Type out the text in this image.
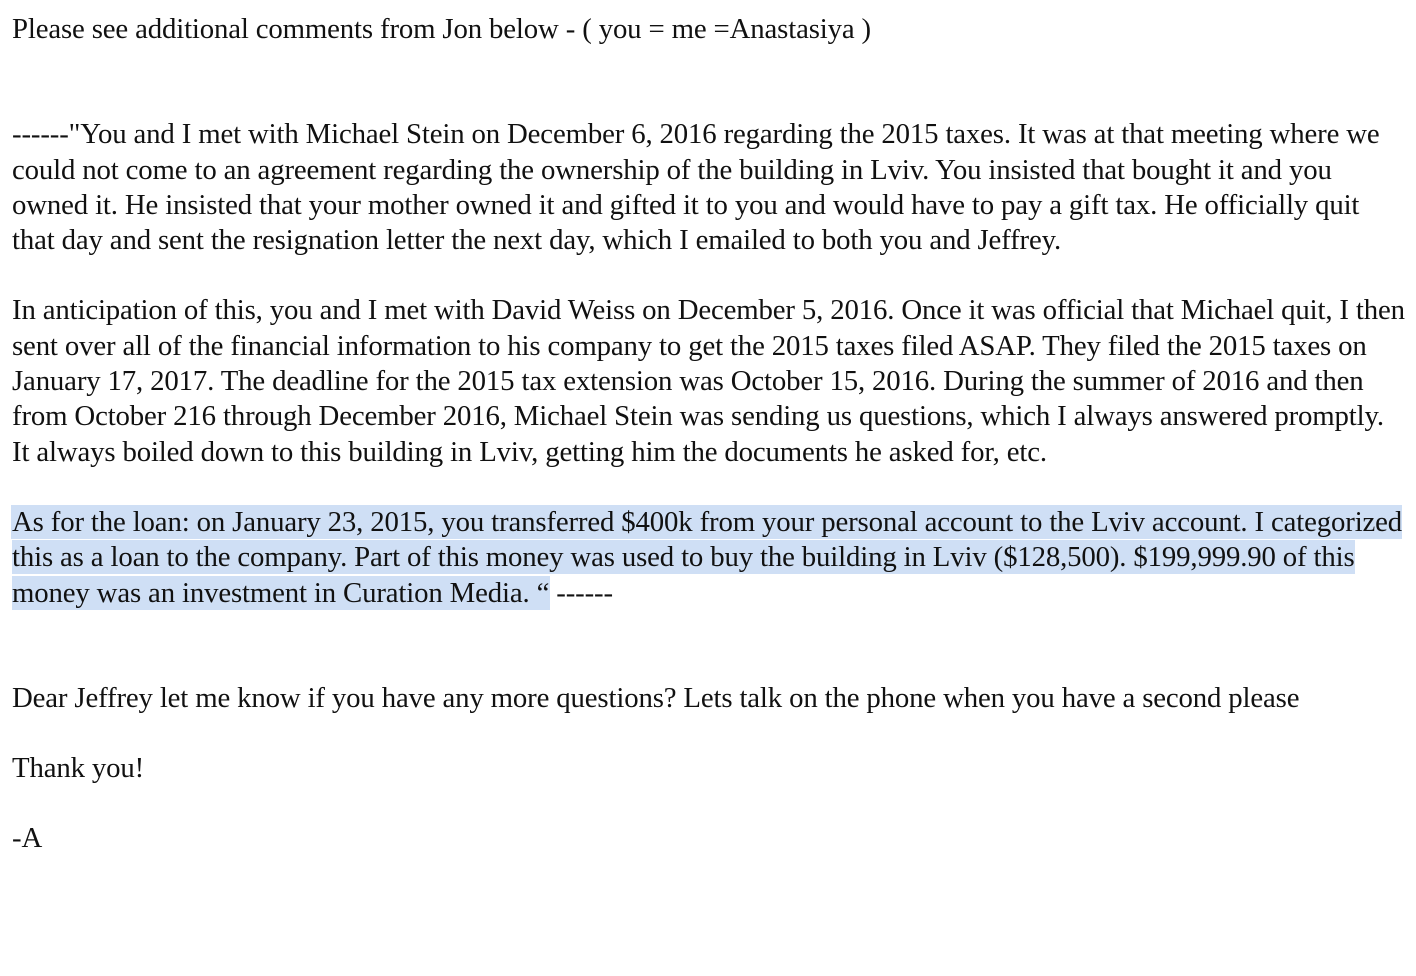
Please see additional comments from Jon below - ( you = me =Anastasiya )

------"You and I met with Michael Stein on December 6, 2016 regarding the 2015 taxes. It was at that meeting where we could not come to an agreement regarding the ownership of the building in Lviv. You insisted that bought it and you owned it. He insisted that your mother owned it and gifted it to you and would have to pay a gift tax. He officially quit that day and sent the resignation letter the next day, which I emailed to both you and Jeffrey.

In anticipation of this, you and I met with David Weiss on December 5, 2016. Once it was official that Michael quit, I then sent over all of the financial information to his company to get the 2015 taxes filed ASAP. They filed the 2015 taxes on January 17, 2017. The deadline for the 2015 tax extension was October 15, 2016. During the summer of 2016 and then from October 216 through December 2016, Michael Stein was sending us questions, which I always answered promptly. It always boiled down to this building in Lviv, getting him the documents he asked for, etc.

As for the loan: on January 23, 2015, you transferred $400k from your personal account to the Lviv account. I categorized this as a loan to the company. Part of this money was used to buy the building in Lviv ($128,500). $199,999.90 of this money was an investment in Curation Media. “ ------

Dear Jeffrey let me know if you have any more questions? Lets talk on the phone when you have a second please

Thank you!

-A
